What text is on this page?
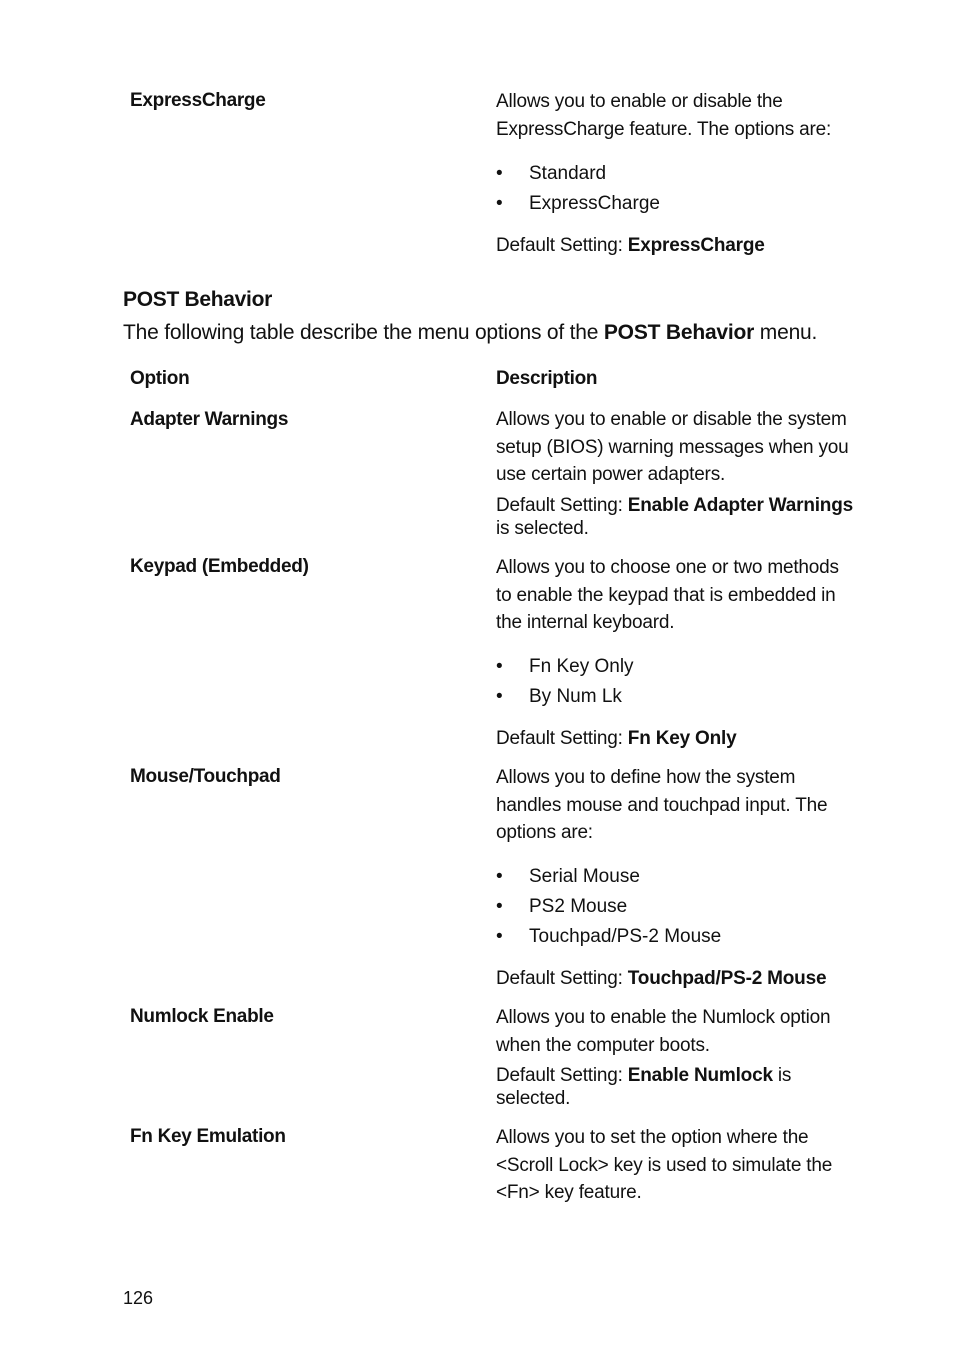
ExpressCharge	Allows you to enable or disable the ExpressCharge feature. The options are:

• Standard
• ExpressCharge
Default Setting: ExpressCharge
POST Behavior
The following table describe the menu options of the POST Behavior menu.
Option	Description
Adapter Warnings	Allows you to enable or disable the system setup (BIOS) warning messages when you use certain power adapters.

Default Setting: Enable Adapter Warnings is selected.
Keypad (Embedded)	Allows you to choose one or two methods to enable the keypad that is embedded in the internal keyboard.

• Fn Key Only
• By Num Lk
Default Setting: Fn Key Only
Mouse/Touchpad	Allows you to define how the system handles mouse and touchpad input. The options are:

• Serial Mouse
• PS2 Mouse
• Touchpad/PS-2 Mouse
Default Setting: Touchpad/PS-2 Mouse
Numlock Enable	Allows you to enable the Numlock option when the computer boots.

Default Setting: Enable Numlock is selected.
Fn Key Emulation	Allows you to set the option where the <Scroll Lock> key is used to simulate the <Fn> key feature.

126
